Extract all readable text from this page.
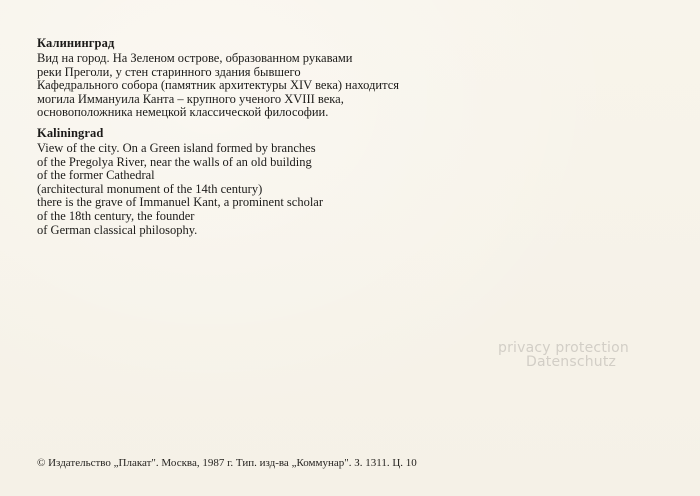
Калининград
Вид на город. На Зеленом острове, образованном рукавами
реки Преголи, у стен старинного здания бывшего
Кафедрального собора (памятник архитектуры XIV века) находится
могила Иммануила Канта – крупного ученого XVIII века,
основоположника немецкой классической философии.
Kaliningrad
View of the city. On a Green island formed by branches
of the Pregolya River, near the walls of an old building
of the former Cathedral
(architectural monument of the 14th century)
there is the grave of Immanuel Kant, a prominent scholar
of the 18th century, the founder
of German classical philosophy.
privacy protection
Datenschutz
© Издательство „Плакат". Москва, 1987 г. Тип. изд-ва „Коммунар". З. 1311. Ц. 10
